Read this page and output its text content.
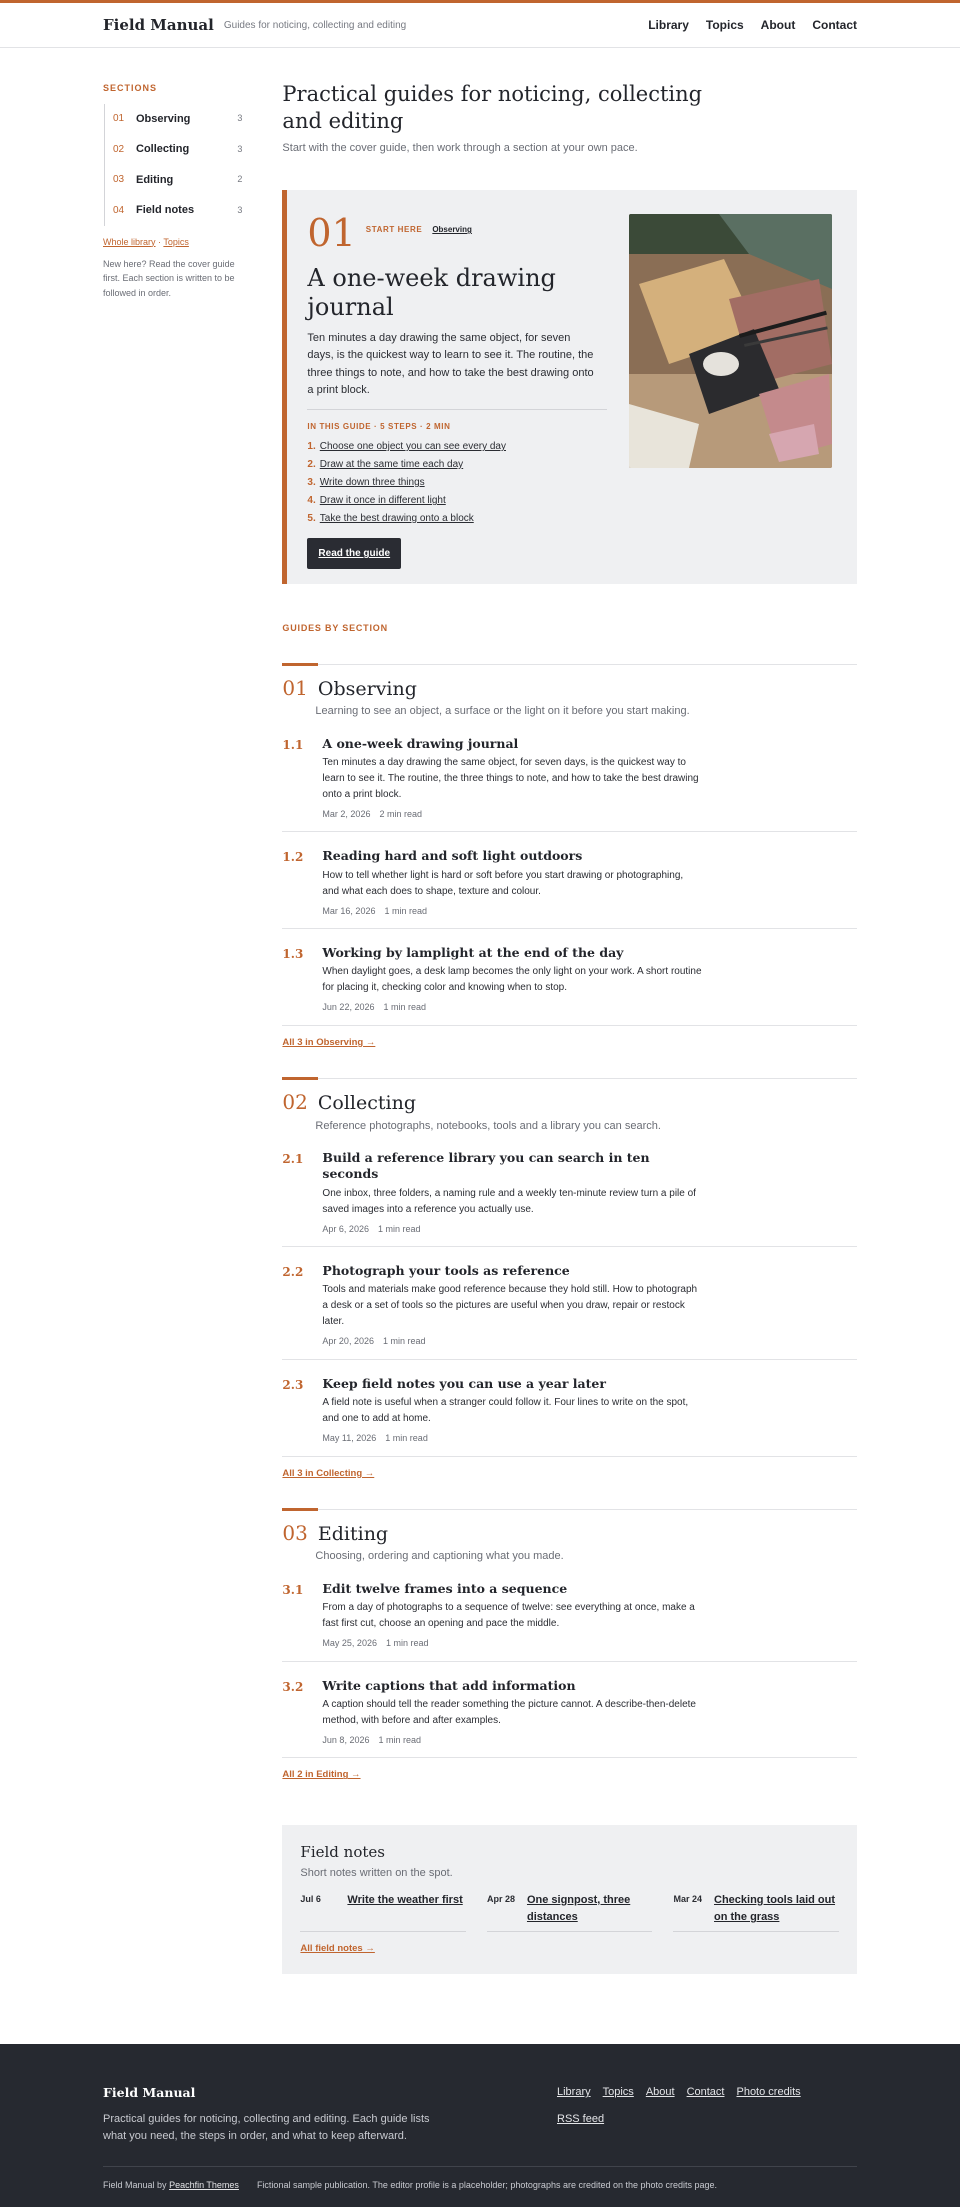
Field Manual Guides for noticing, collecting and editing	Library Topics About Contact
SECTIONS
01	Observing	3
02	Collecting	3
03	Editing	2
04	Field notes	3
Whole library · Topics

New here? Read the cover guide first. Each section is written to be followed in order.

Practical guides for noticing, collecting and editing

Start with the cover guide, then work through a section at your own pace.

01 START HERE Observing
A one-week drawing journal

Ten minutes a day drawing the same object, for seven days, is the quickest way to learn to see it. The routine, the three things to note, and how to take the best drawing onto a print block.

IN THIS GUIDE · 5 STEPS · 2 MIN
1. Choose one object you can see every day
2. Draw at the same time each day
3. Write down three things
4. Draw it once in different light
5. Take the best drawing onto a block
Read the guide
GUIDES BY SECTION
01 Observing

Learning to see an object, a surface or the light on it before you start making.

1.1	A one-week drawing journal

Ten minutes a day drawing the same object, for seven days, is the quickest way to learn to see it. The routine, the three things to note, and how to take the best drawing onto a print block.

Mar 2, 2026 2 min read
1.2	Reading hard and soft light outdoors

How to tell whether light is hard or soft before you start drawing or photographing, and what each does to shape, texture and colour.

Mar 16, 2026 1 min read
1.3	Working by lamplight at the end of the day

When daylight goes, a desk lamp becomes the only light on your work. A short routine for placing it, checking color and knowing when to stop.

Jun 22, 2026 1 min read
All 3 in Observing →
02 Collecting

Reference photographs, notebooks, tools and a library you can search.

2.1	Build a reference library you can search in ten seconds

One inbox, three folders, a naming rule and a weekly ten-minute review turn a pile of saved images into a reference you actually use.

Apr 6, 2026 1 min read
2.2	Photograph your tools as reference

Tools and materials make good reference because they hold still. How to photograph a desk or a set of tools so the pictures are useful when you draw, repair or restock later.

Apr 20, 2026 1 min read
2.3	Keep field notes you can use a year later

A field note is useful when a stranger could follow it. Four lines to write on the spot, and one to add at home.

May 11, 2026 1 min read
All 3 in Collecting →
03 Editing

Choosing, ordering and captioning what you made.

3.1	Edit twelve frames into a sequence

From a day of photographs to a sequence of twelve: see everything at once, make a fast first cut, choose an opening and pace the middle.

May 25, 2026 1 min read
3.2	Write captions that add information

A caption should tell the reader something the picture cannot. A describe-then-delete method, with before and after examples.

Jun 8, 2026 1 min read
All 2 in Editing →
Field notes

Short notes written on the spot.

Jul 6	Write the weather first	Apr 28 One signpost, three distances
Mar 24 Checking tools laid out on the grass
All field notes →
Field Manual

Practical guides for noticing, collecting and editing. Each guide lists what you need, the steps in order, and what to keep afterward.

Library Topics About Contact Photo credits
RSS feed
Field Manual by Peachfin Themes Fictional sample publication. The editor profile is a placeholder; photographs are credited on the photo credits page.
